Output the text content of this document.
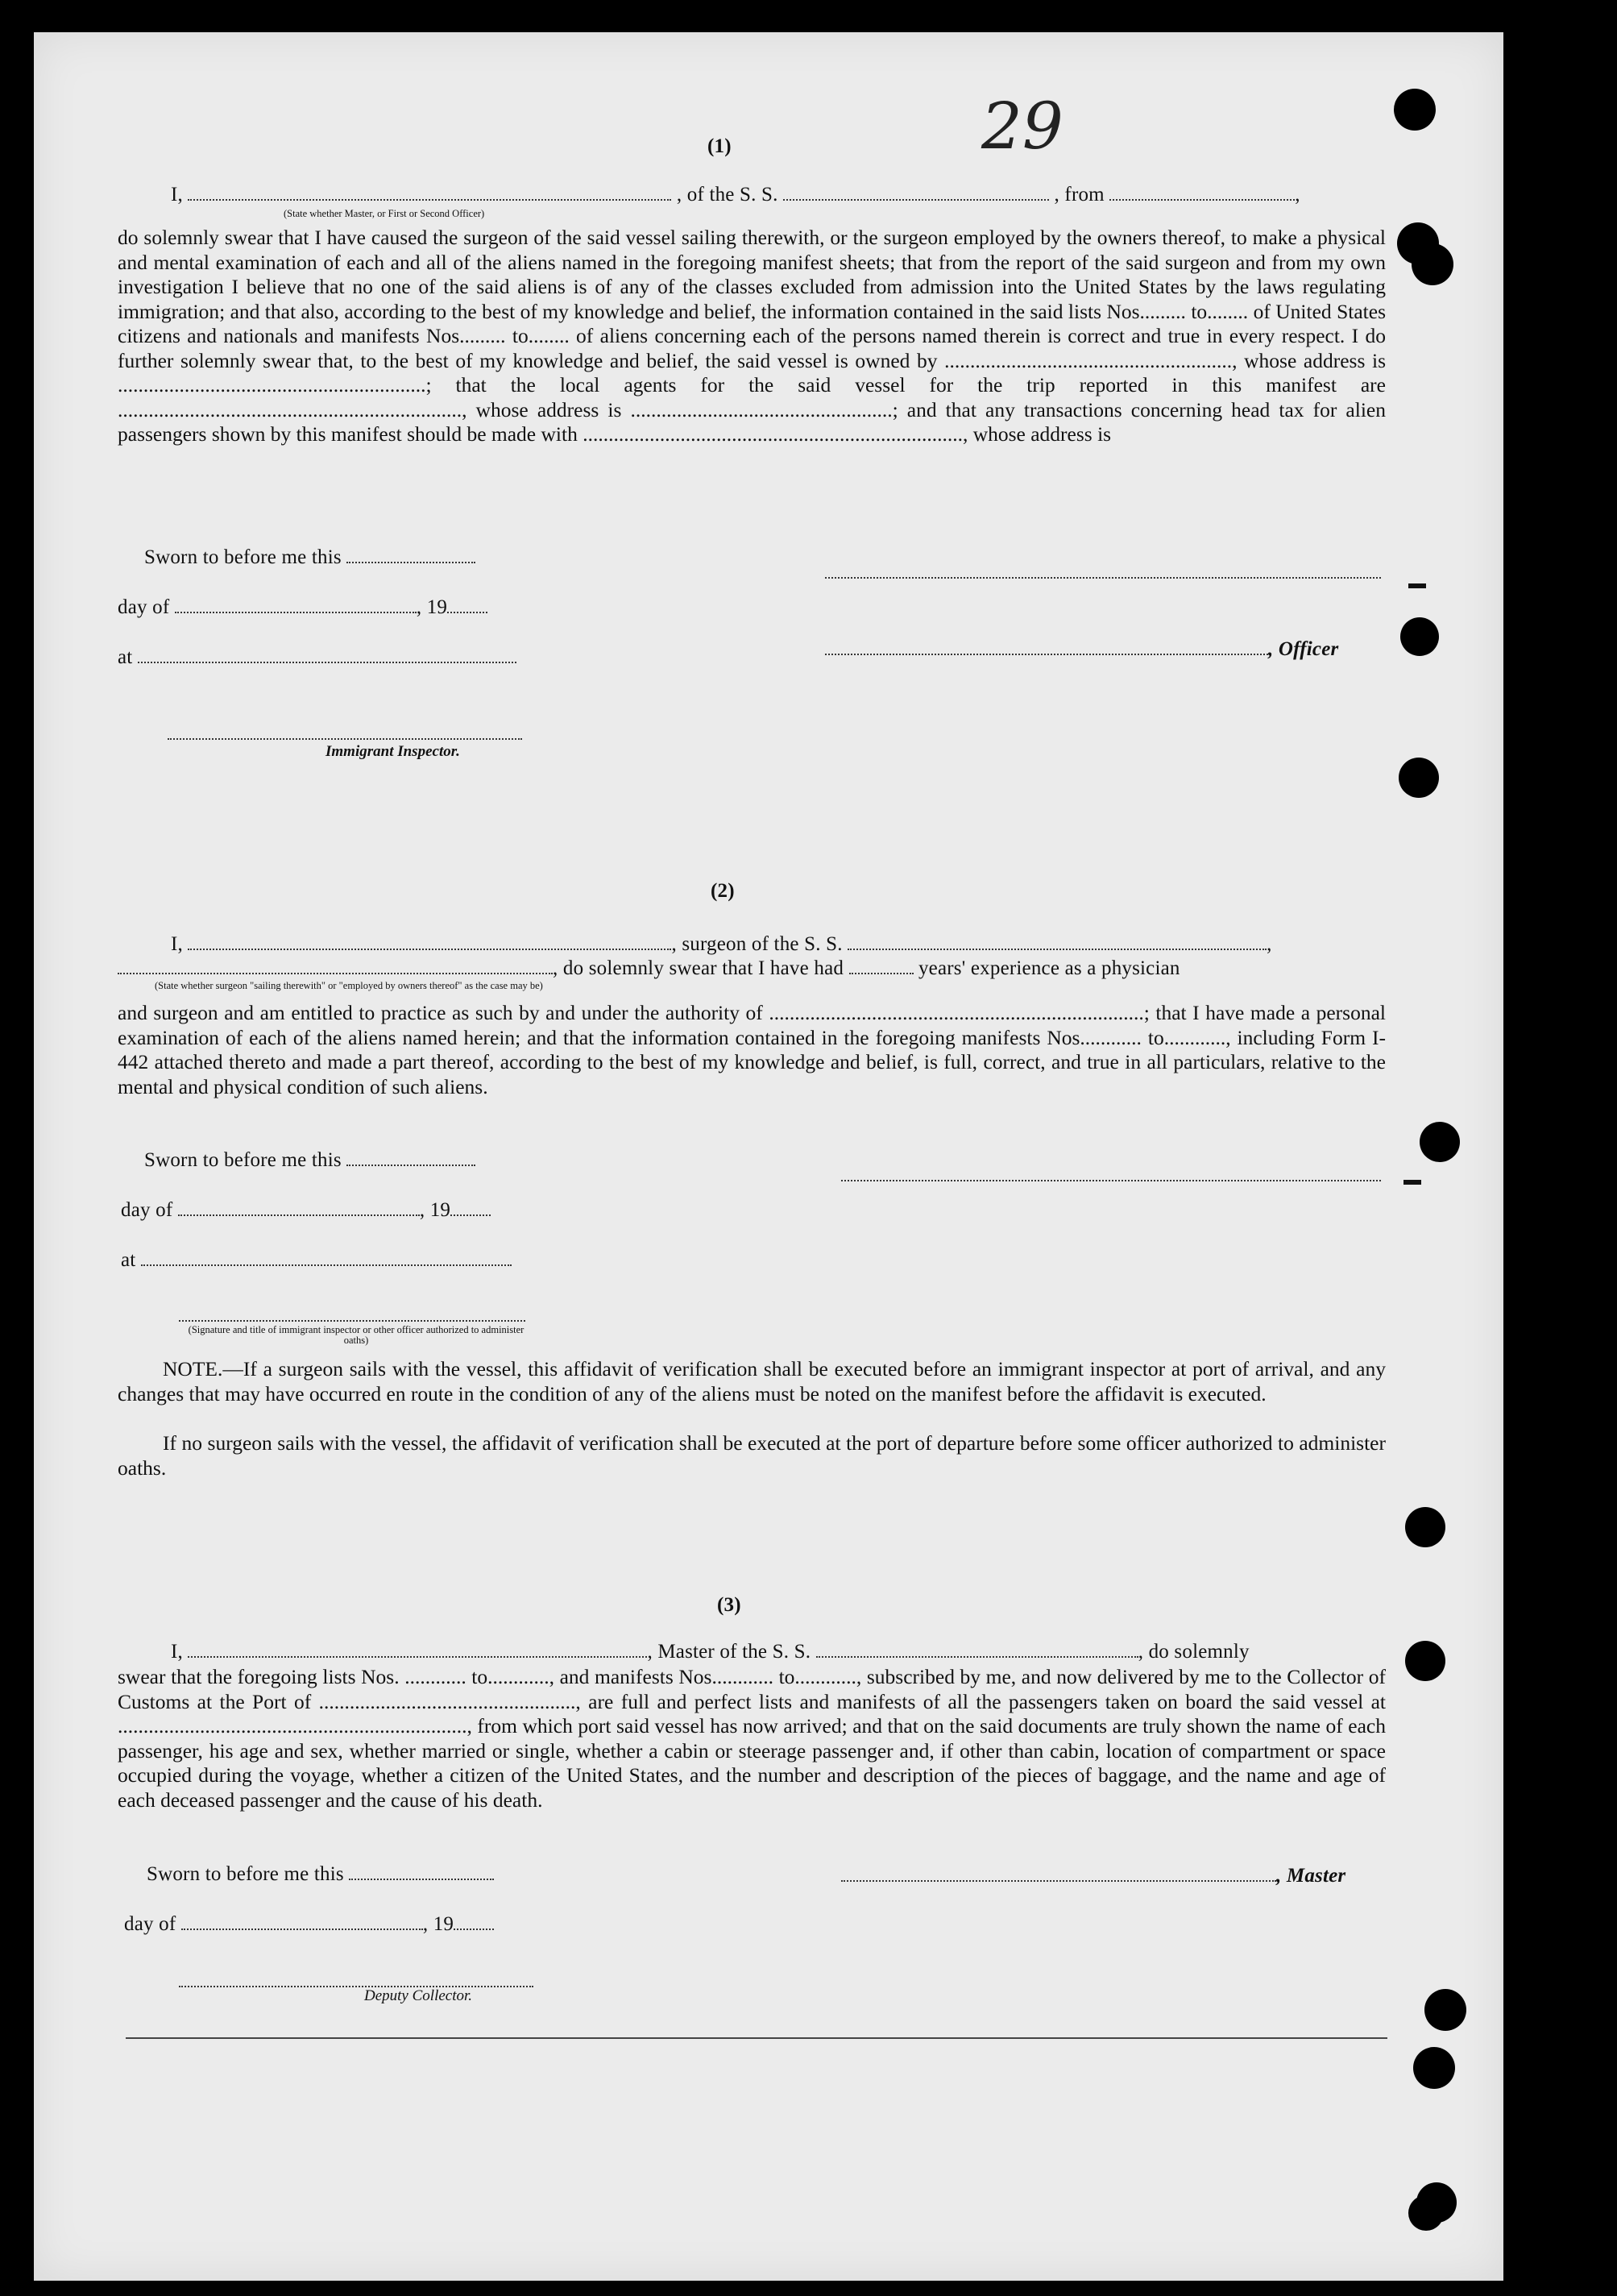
29
(1)
I,	, of the S. S.	, from	,
(State whether Master, or First or Second Officer)
do solemnly swear that I have caused the surgeon of the said vessel sailing therewith, or the surgeon employed by the owners thereof, to make a physical and mental examination of each and all of the aliens named in the foregoing manifest sheets; that from the report of the said surgeon and from my own investigation I believe that no one of the said aliens is of any of the classes excluded from admission into the United States by the laws regulating immigration; and that also, according to the best of my knowledge and belief, the information contained in the said lists Nos......... to........ of United States citizens and nationals and manifests Nos......... to........ of aliens concerning each of the persons named therein is correct and true in every respect. I do further solemnly swear that, to the best of my knowledge and belief, the said vessel is owned by ........................................................, whose address is ............................................................; that the local agents for the said vessel for the trip reported in this manifest are ..................................................................., whose address is ...................................................; and that any transactions concerning head tax for alien passengers shown by this manifest should be made with .........................................................................., whose address is
Sworn to before me this
day of	, 19
, Officer
at
Immigrant Inspector.
(2)
I,	, surgeon of the S. S.	,
, do solemnly swear that I have had	years' experience as a physician
(State whether surgeon "sailing therewith" or "employed by owners thereof" as the case may be)
and surgeon and am entitled to practice as such by and under the authority of .........................................................................; that I have made a personal examination of each of the aliens named herein; and that the information contained in the foregoing manifests Nos............ to............, including Form I-442 attached thereto and made a part thereof, according to the best of my knowledge and belief, is full, correct, and true in all particulars, relative to the mental and physical condition of such aliens.
Sworn to before me this
day of	, 19
at
(Signature and title of immigrant inspector or other officer authorized to administer oaths)
NOTE.—If a surgeon sails with the vessel, this affidavit of verification shall be executed before an immigrant inspector at port of arrival, and any changes that may have occurred en route in the condition of any of the aliens must be noted on the manifest before the affidavit is executed.
If no surgeon sails with the vessel, the affidavit of verification shall be executed at the port of departure before some officer authorized to administer oaths.
(3)
I,	, Master of the S. S.	, do solemnly
swear that the foregoing lists Nos. ............ to............, and manifests Nos............ to............, subscribed by me, and now delivered by me to the Collector of Customs at the Port of .................................................., are full and perfect lists and manifests of all the passengers taken on board the said vessel at ...................................................................., from which port said vessel has now arrived; and that on the said documents are truly shown the name of each passenger, his age and sex, whether married or single, whether a cabin or steerage passenger and, if other than cabin, location of compartment or space occupied during the voyage, whether a citizen of the United States, and the number and description of the pieces of baggage, and the name and age of each deceased passenger and the cause of his death.
Sworn to before me this	, Master
day of	, 19
Deputy Collector.
